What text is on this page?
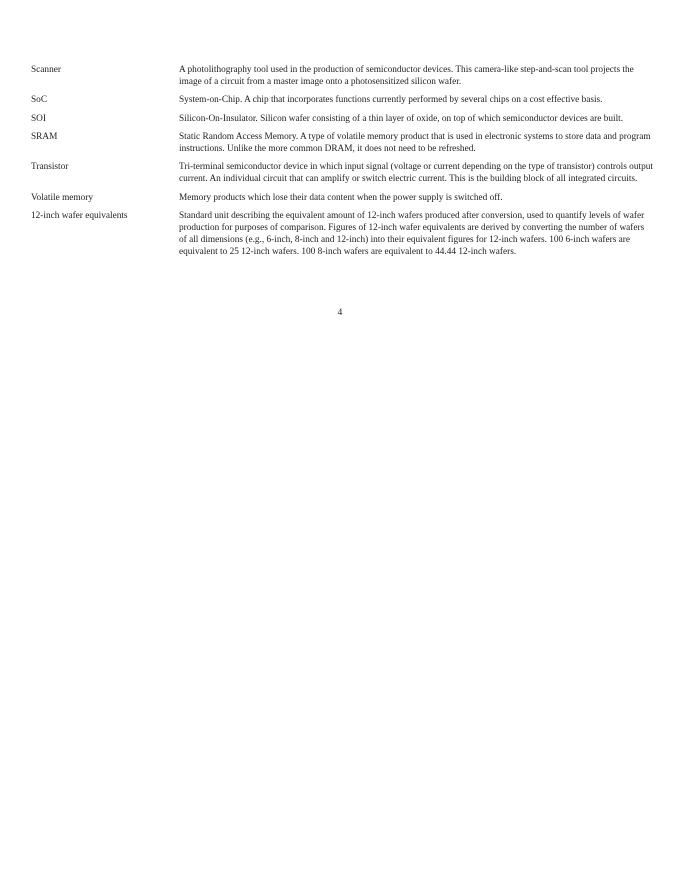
Scanner	A photolithography tool used in the production of semiconductor devices. This camera-like step-and-scan tool projects the image of a circuit from a master image onto a photosensitized silicon wafer.
SoC	System-on-Chip. A chip that incorporates functions currently performed by several chips on a cost effective basis.
SOI	Silicon-On-Insulator. Silicon wafer consisting of a thin layer of oxide, on top of which semiconductor devices are built.
SRAM	Static Random Access Memory. A type of volatile memory product that is used in electronic systems to store data and program instructions. Unlike the more common DRAM, it does not need to be refreshed.
Transistor	Tri-terminal semiconductor device in which input signal (voltage or current depending on the type of transistor) controls output current. An individual circuit that can amplify or switch electric current. This is the building block of all integrated circuits.
Volatile memory	Memory products which lose their data content when the power supply is switched off.
12-inch wafer equivalents	Standard unit describing the equivalent amount of 12-inch wafers produced after conversion, used to quantify levels of wafer production for purposes of comparison. Figures of 12-inch wafer equivalents are derived by converting the number of wafers of all dimensions (e.g., 6-inch, 8-inch and 12-inch) into their equivalent figures for 12-inch wafers. 100 6-inch wafers are equivalent to 25 12-inch wafers. 100 8-inch wafers are equivalent to 44.44 12-inch wafers.
4
